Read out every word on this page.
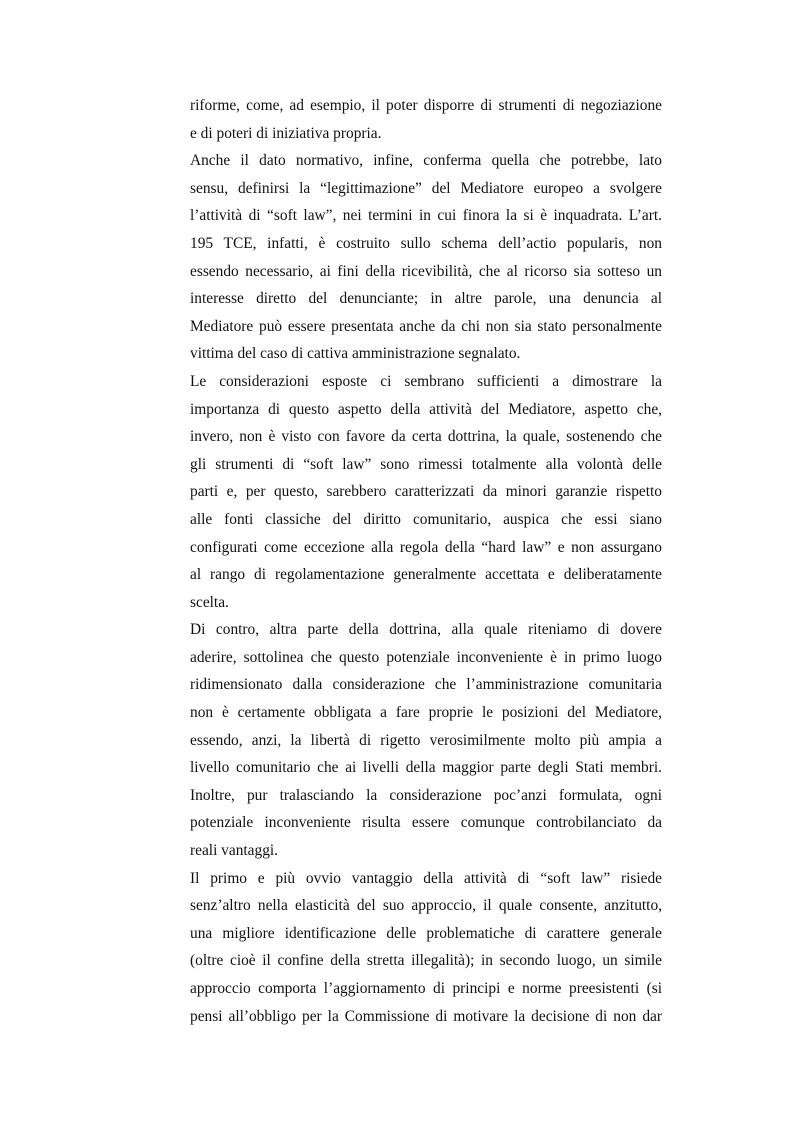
riforme, come, ad esempio, il poter disporre di strumenti di negoziazione
e di poteri di iniziativa propria.
Anche il dato normativo, infine, conferma quella che potrebbe, lato
sensu, definirsi la “legittimazione” del Mediatore europeo a svolgere
l’attività di “soft law”, nei termini in cui finora la si è inquadrata. L’art.
195 TCE, infatti, è costruito sullo schema dell’actio popularis, non
essendo necessario, ai fini della ricevibilità, che al ricorso sia sotteso un
interesse diretto del denunciante; in altre parole, una denuncia al
Mediatore può essere presentata anche da chi non sia stato personalmente
vittima del caso di cattiva amministrazione segnalato.
Le considerazioni esposte ci sembrano sufficienti a dimostrare la
importanza di questo aspetto della attività del Mediatore, aspetto che,
invero, non è visto con favore da certa dottrina, la quale, sostenendo che
gli strumenti di “soft law” sono rimessi totalmente alla volontà delle
parti e, per questo, sarebbero caratterizzati da minori garanzie rispetto
alle fonti classiche del diritto comunitario, auspica che essi siano
configurati come eccezione alla regola della “hard law” e non assurgano
al rango di regolamentazione generalmente accettata e deliberatamente
scelta.
Di contro, altra parte della dottrina, alla quale riteniamo di dovere
aderire, sottolinea che questo potenziale inconveniente è in primo luogo
ridimensionato dalla considerazione che l’amministrazione comunitaria
non è certamente obbligata a fare proprie le posizioni del Mediatore,
essendo, anzi, la libertà di rigetto verosimilmente molto più ampia a
livello comunitario che ai livelli della maggior parte degli Stati membri.
Inoltre, pur tralasciando la considerazione poc’anzi formulata, ogni
potenziale inconveniente risulta essere comunque controbilanciato da
reali vantaggi.
Il primo e più ovvio vantaggio della attività di “soft law” risiede
senz’altro nella elasticità del suo approccio, il quale consente, anzitutto,
una migliore identificazione delle problematiche di carattere generale
(oltre cioè il confine della stretta illegalità); in secondo luogo, un simile
approccio comporta l’aggiornamento di principi e norme preesistenti (si
pensi all’obbligo per la Commissione di motivare la decisione di non dar
